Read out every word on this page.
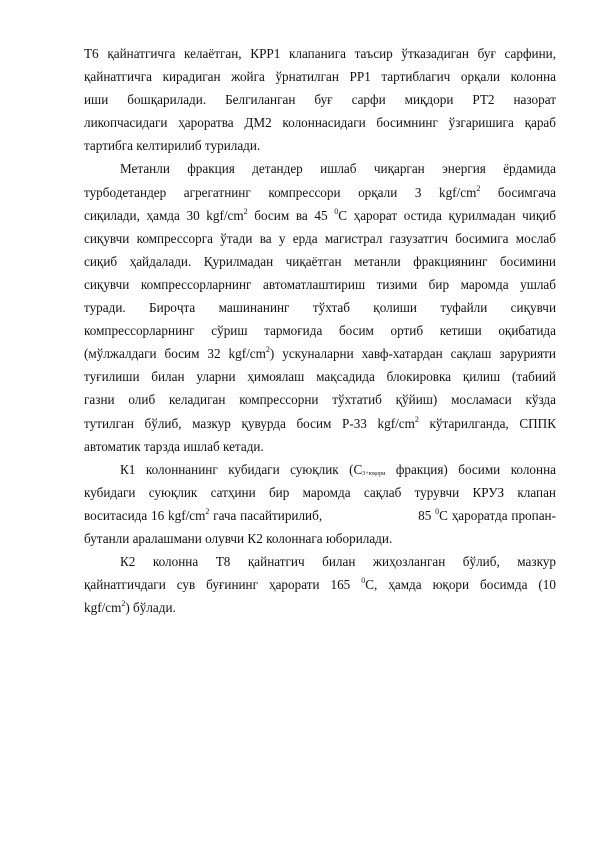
Т6 қайнатгичга келаётган, КРР1 клапанига таъсир ўтказадиган буғ сарфини,
қайнатгичга кирадиган жойга ўрнатилган РР1 тартиблагич орқали колонна
иши бошқарилади. Белгиланган буғ сарфи миқдори РТ2 назорат
ликопчасидаги ҳароратва ДМ2 колоннасидаги босимнинг ўзгаришига қараб
тартибга келтирилиб турилади.
Метанли фракция детандер ишлаб чиқарган энергия ёрдамида
турбодетандер агрегатнинг компрессори орқали 3 kgf/$cm^2$ босимгача
сиқилади, ҳамда 30 kgf/$cm^2$ босим ва 45 $^0$С ҳарорат остида қурилмадан чиқиб
сиқувчи компрессорга ўтади ва у ерда магистрал газузатгич босимига мослаб
сиқиб ҳайдалади. Қурилмадан чиқаётган метанли фракциянинг босимини
сиқувчи компрессорларнинг автоматлаштириш тизими бир маромда ушлаб
туради. Бироҷта машинанинг тўхтаб қолиши туфайли сиқувчи
компрессорларнинг сўриш тармоғида босим ортиб кетиши оқибатида
(мўлжалдаги босим 32 kgf/$cm^2$) ускуналарни хавф-хатардан сақлаш зарурияти
туғилиши билан уларни ҳимоялаш мақсадида блокировка қилиш (табиий
газни олиб келадиган компрессорни тўхтатиб қўйиш) мосламаси кўзда
тутилган бўлиб, мазкур қувурда босим Р-33 kgf/$cm^2$ кўтарилганда, СППК
автоматик тарзда ишлаб кетади.
К1 колоннанинг кубидаги суюқлик ($С_{3+юқори}$ фракция) босими колонна
кубидаги суюқлик сатҳини бир маромда сақлаб турувчи КРУЗ клапан
воситасида 16 kgf/$cm^2$ гача пасайтирилиб,	85 $^0$С ҳароратда пропан-
бутанли аралашмани олувчи К2 колоннага юборилади.
К2 колонна Т8 қайнатгич билан жиҳозланган бўлиб, мазкур
қайнатгичдаги сув буғининг ҳарорати 165 $^0$С, ҳамда юқори босимда (10
kgf/$cm^2$) бўлади.
